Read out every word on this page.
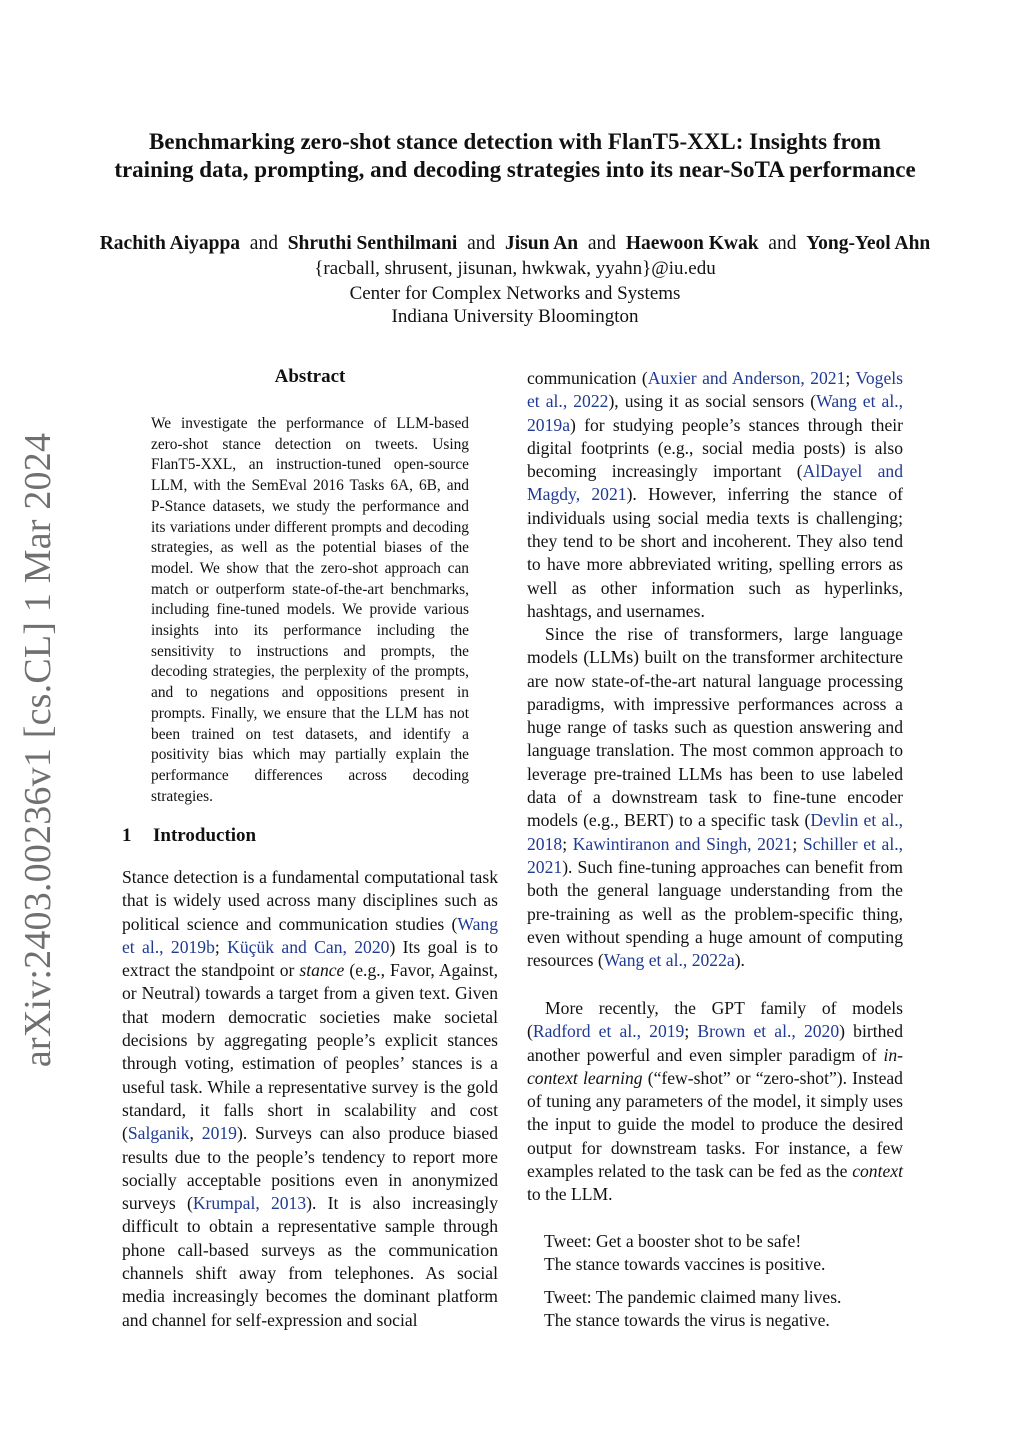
arXiv:2403.00236v1 [cs.CL] 1 Mar 2024
Benchmarking zero-shot stance detection with FlanT5-XXL: Insights from training data, prompting, and decoding strategies into its near-SoTA performance
Rachith Aiyappa and Shruthi Senthilmani and Jisun An and Haewoon Kwak and Yong-Yeol Ahn
{racball, shrusent, jisunan, hwkwak, yyahn}@iu.edu
Center for Complex Networks and Systems
Indiana University Bloomington
Abstract

We investigate the performance of LLM-based zero-shot stance detection on tweets. Using FlanT5-XXL, an instruction-tuned open-source LLM, with the SemEval 2016 Tasks 6A, 6B, and P-Stance datasets, we study the performance and its variations under different prompts and decoding strategies, as well as the potential biases of the model. We show that the zero-shot approach can match or outperform state-of-the-art benchmarks, including fine-tuned models. We provide various insights into its performance including the sensitivity to instructions and prompts, the decoding strategies, the perplexity of the prompts, and to negations and oppositions present in prompts. Finally, we ensure that the LLM has not been trained on test datasets, and identify a positivity bias which may partially explain the performance differences across decoding strategies.

1 Introduction

Stance detection is a fundamental computational task that is widely used across many disciplines such as political science and communication studies (Wang et al., 2019b; Küçük and Can, 2020) Its goal is to extract the standpoint or stance (e.g., Favor, Against, or Neutral) towards a target from a given text. Given that modern democratic societies make societal decisions by aggregating people’s explicit stances through voting, estimation of peoples’ stances is a useful task. While a representative survey is the gold standard, it falls short in scalability and cost (Salganik, 2019). Surveys can also produce biased results due to the people’s tendency to report more socially acceptable positions even in anonymized surveys (Krumpal, 2013). It is also increasingly difficult to obtain a representative sample through phone call-based surveys as the communication channels shift away from telephones. As social media increasingly becomes the dominant platform and channel for self-expression and social

communication (Auxier and Anderson, 2021; Vogels et al., 2022), using it as social sensors (Wang et al., 2019a) for studying people’s stances through their digital footprints (e.g., social media posts) is also becoming increasingly important (AlDayel and Magdy, 2021). However, inferring the stance of individuals using social media texts is challenging; they tend to be short and incoherent. They also tend to have more abbreviated writing, spelling errors as well as other information such as hyperlinks, hashtags, and usernames.

Since the rise of transformers, large language models (LLMs) built on the transformer architecture are now state-of-the-art natural language processing paradigms, with impressive performances across a huge range of tasks such as question answering and language translation. The most common approach to leverage pre-trained LLMs has been to use labeled data of a downstream task to fine-tune encoder models (e.g., BERT) to a specific task (Devlin et al., 2018; Kawintiranon and Singh, 2021; Schiller et al., 2021). Such fine-tuning approaches can benefit from both the general language understanding from the pre-training as well as the problem-specific thing, even without spending a huge amount of computing resources (Wang et al., 2022a).

More recently, the GPT family of models (Radford et al., 2019; Brown et al., 2020) birthed another powerful and even simpler paradigm of in-context learning (“few-shot” or “zero-shot”). Instead of tuning any parameters of the model, it simply uses the input to guide the model to produce the desired output for downstream tasks. For instance, a few examples related to the task can be fed as the context to the LLM.

Tweet: Get a booster shot to be safe!
The stance towards vaccines is positive.
Tweet: The pandemic claimed many lives.
The stance towards the virus is negative.
